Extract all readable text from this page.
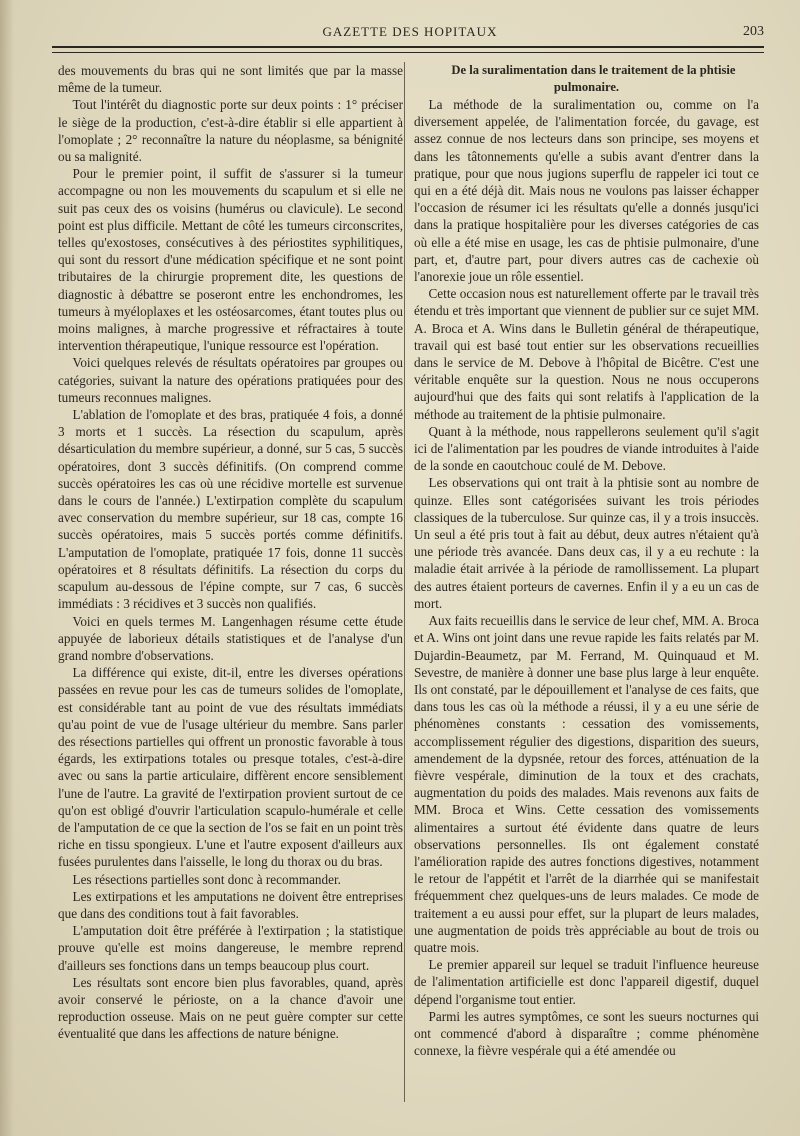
GAZETTE DES HOPITAUX	203

des mouvements du bras qui ne sont limités que par la masse même de la tumeur.

Tout l'intérêt du diagnostic porte sur deux points : 1° préciser le siège de la production, c'est-à-dire établir si elle appartient à l'omoplate ; 2° reconnaître la nature du néoplasme, sa bénignité ou sa malignité.

Pour le premier point, il suffit de s'assurer si la tumeur accompagne ou non les mouvements du scapulum et si elle ne suit pas ceux des os voisins (humérus ou clavicule). Le second point est plus difficile. Mettant de côté les tumeurs circonscrites, telles qu'exostoses, consécutives à des périostites syphilitiques, qui sont du ressort d'une médication spécifique et ne sont point tributaires de la chirurgie proprement dite, les questions de diagnostic à débattre se poseront entre les enchondromes, les tumeurs à myéloplaxes et les ostéosarcomes, étant toutes plus ou moins malignes, à marche progressive et réfractaires à toute intervention thérapeutique, l'unique ressource est l'opération.

Voici quelques relevés de résultats opératoires par groupes ou catégories, suivant la nature des opérations pratiquées pour des tumeurs reconnues malignes.

L'ablation de l'omoplate et des bras, pratiquée 4 fois, a donné 3 morts et 1 succès. La résection du scapulum, après désarticulation du membre supérieur, a donné, sur 5 cas, 5 succès opératoires, dont 3 succès définitifs. (On comprend comme succès opératoires les cas où une récidive mortelle est survenue dans le cours de l'année.) L'extirpation complète du scapulum avec conservation du membre supérieur, sur 18 cas, compte 16 succès opératoires, mais 5 succès portés comme définitifs. L'amputation de l'omoplate, pratiquée 17 fois, donne 11 succès opératoires et 8 résultats définitifs. La résection du corps du scapulum au-dessous de l'épine compte, sur 7 cas, 6 succès immédiats : 3 récidives et 3 succès non qualifiés.

Voici en quels termes M. Langenhagen résume cette étude appuyée de laborieux détails statistiques et de l'analyse d'un grand nombre d'observations.

La différence qui existe, dit-il, entre les diverses opérations passées en revue pour les cas de tumeurs solides de l'omoplate, est considérable tant au point de vue des résultats immédiats qu'au point de vue de l'usage ultérieur du membre. Sans parler des résections partielles qui offrent un pronostic favorable à tous égards, les extirpations totales ou presque totales, c'est-à-dire avec ou sans la partie articulaire, diffèrent encore sensiblement l'une de l'autre. La gravité de l'extirpation provient surtout de ce qu'on est obligé d'ouvrir l'articulation scapulo-humérale et celle de l'amputation de ce que la section de l'os se fait en un point très riche en tissu spongieux. L'une et l'autre exposent d'ailleurs aux fusées purulentes dans l'aisselle, le long du thorax ou du bras.

Les résections partielles sont donc à recommander.

Les extirpations et les amputations ne doivent être entreprises que dans des conditions tout à fait favorables.

L'amputation doit être préférée à l'extirpation ; la statistique prouve qu'elle est moins dangereuse, le membre reprend d'ailleurs ses fonctions dans un temps beaucoup plus court.

Les résultats sont encore bien plus favorables, quand, après avoir conservé le périoste, on a la chance d'avoir une reproduction osseuse. Mais on ne peut guère compter sur cette éventualité que dans les affections de nature bénigne.

De la suralimentation dans le traitement de la phtisie pulmonaire.

La méthode de la suralimentation ou, comme on l'a diversement appelée, de l'alimentation forcée, du gavage, est assez connue de nos lecteurs dans son principe, ses moyens et dans les tâtonnements qu'elle a subis avant d'entrer dans la pratique, pour que nous jugions superflu de rappeler ici tout ce qui en a été déjà dit. Mais nous ne voulons pas laisser échapper l'occasion de résumer ici les résultats qu'elle a donnés jusqu'ici dans la pratique hospitalière pour les diverses catégories de cas où elle a été mise en usage, les cas de phtisie pulmonaire, d'une part, et, d'autre part, pour divers autres cas de cachexie où l'anorexie joue un rôle essentiel.

Cette occasion nous est naturellement offerte par le travail très étendu et très important que viennent de publier sur ce sujet MM. A. Broca et A. Wins dans le Bulletin général de thérapeutique, travail qui est basé tout entier sur les observations recueillies dans le service de M. Debove à l'hôpital de Bicêtre. C'est une véritable enquête sur la question. Nous ne nous occuperons aujourd'hui que des faits qui sont relatifs à l'application de la méthode au traitement de la phtisie pulmonaire.

Quant à la méthode, nous rappellerons seulement qu'il s'agit ici de l'alimentation par les poudres de viande introduites à l'aide de la sonde en caoutchouc coulé de M. Debove.

Les observations qui ont trait à la phtisie sont au nombre de quinze. Elles sont catégorisées suivant les trois périodes classiques de la tuberculose. Sur quinze cas, il y a trois insuccès. Un seul a été pris tout à fait au début, deux autres n'étaient qu'à une période très avancée. Dans deux cas, il y a eu rechute : la maladie était arrivée à la période de ramollissement. La plupart des autres étaient porteurs de cavernes. Enfin il y a eu un cas de mort.

Aux faits recueillis dans le service de leur chef, MM. A. Broca et A. Wins ont joint dans une revue rapide les faits relatés par M. Dujardin-Beaumetz, par M. Ferrand, M. Quinquaud et M. Sevestre, de manière à donner une base plus large à leur enquête. Ils ont constaté, par le dépouillement et l'analyse de ces faits, que dans tous les cas où la méthode a réussi, il y a eu une série de phénomènes constants : cessation des vomissements, accomplissement régulier des digestions, disparition des sueurs, amendement de la dypsnée, retour des forces, atténuation de la fièvre vespérale, diminution de la toux et des crachats, augmentation du poids des malades. Mais revenons aux faits de MM. Broca et Wins. Cette cessation des vomissements alimentaires a surtout été évidente dans quatre de leurs observations personnelles. Ils ont également constaté l'amélioration rapide des autres fonctions digestives, notamment le retour de l'appétit et l'arrêt de la diarrhée qui se manifestait fréquemment chez quelques-uns de leurs malades. Ce mode de traitement a eu aussi pour effet, sur la plupart de leurs malades, une augmentation de poids très appréciable au bout de trois ou quatre mois.

Le premier appareil sur lequel se traduit l'influence heureuse de l'alimentation artificielle est donc l'appareil digestif, duquel dépend l'organisme tout entier.

Parmi les autres symptômes, ce sont les sueurs nocturnes qui ont commencé d'abord à disparaître ; comme phénomène connexe, la fièvre vespérale qui a été amendée ou
